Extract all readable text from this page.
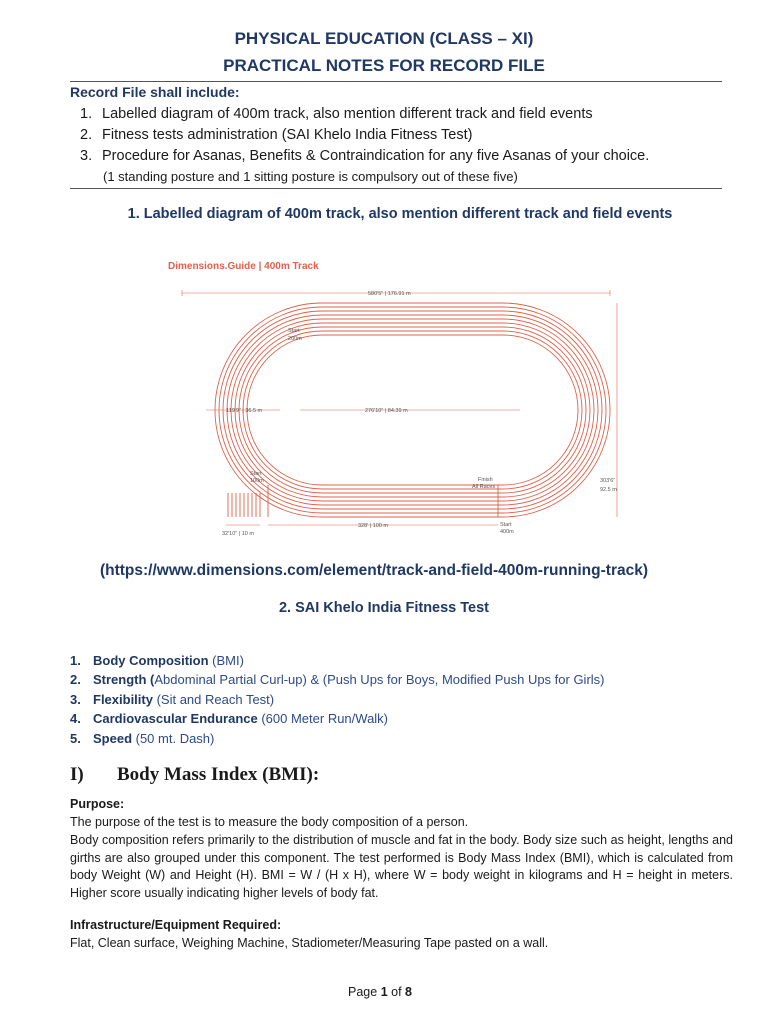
PHYSICAL EDUCATION (CLASS – XI)
PRACTICAL NOTES FOR RECORD FILE
Record File shall include:
1. Labelled diagram of 400m track, also mention different track and field events
2. Fitness tests administration (SAI Khelo India Fitness Test)
3. Procedure for Asanas, Benefits & Contraindication for any five Asanas of your choice.
(1 standing posture and 1 sitting posture is compulsory out of these five)
1. Labelled diagram of 400m track, also mention different track and field events
Dimensions.Guide | 400m Track
580'5" | 176.91 m
119'9" | 36.5 m	276'10" | 84.39 m
303'6"
92.5 m
328' | 100 m
32'10" | 10 m
Start
200m
Start
100m	Finish
All Races
Start
400m
(https://www.dimensions.com/element/track-and-field-400m-running-track)
2. SAI Khelo India Fitness Test
1. Body Composition (BMI)
2. Strength (Abdominal Partial Curl-up) & (Push Ups for Boys, Modified Push Ups for Girls)
3. Flexibility (Sit and Reach Test)
4. Cardiovascular Endurance (600 Meter Run/Walk)
5. Speed (50 mt. Dash)
I) Body Mass Index (BMI):
Purpose:
The purpose of the test is to measure the body composition of a person.
Body composition refers primarily to the distribution of muscle and fat in the body. Body size such as height, lengths and girths are also grouped under this component. The test performed is Body Mass Index (BMI), which is calculated from body Weight (W) and Height (H). BMI = W / (H x H), where W = body weight in kilograms and H = height in meters. Higher score usually indicating higher levels of body fat.
Infrastructure/Equipment Required:
Flat, Clean surface, Weighing Machine, Stadiometer/Measuring Tape pasted on a wall.
Page 1 of 8
